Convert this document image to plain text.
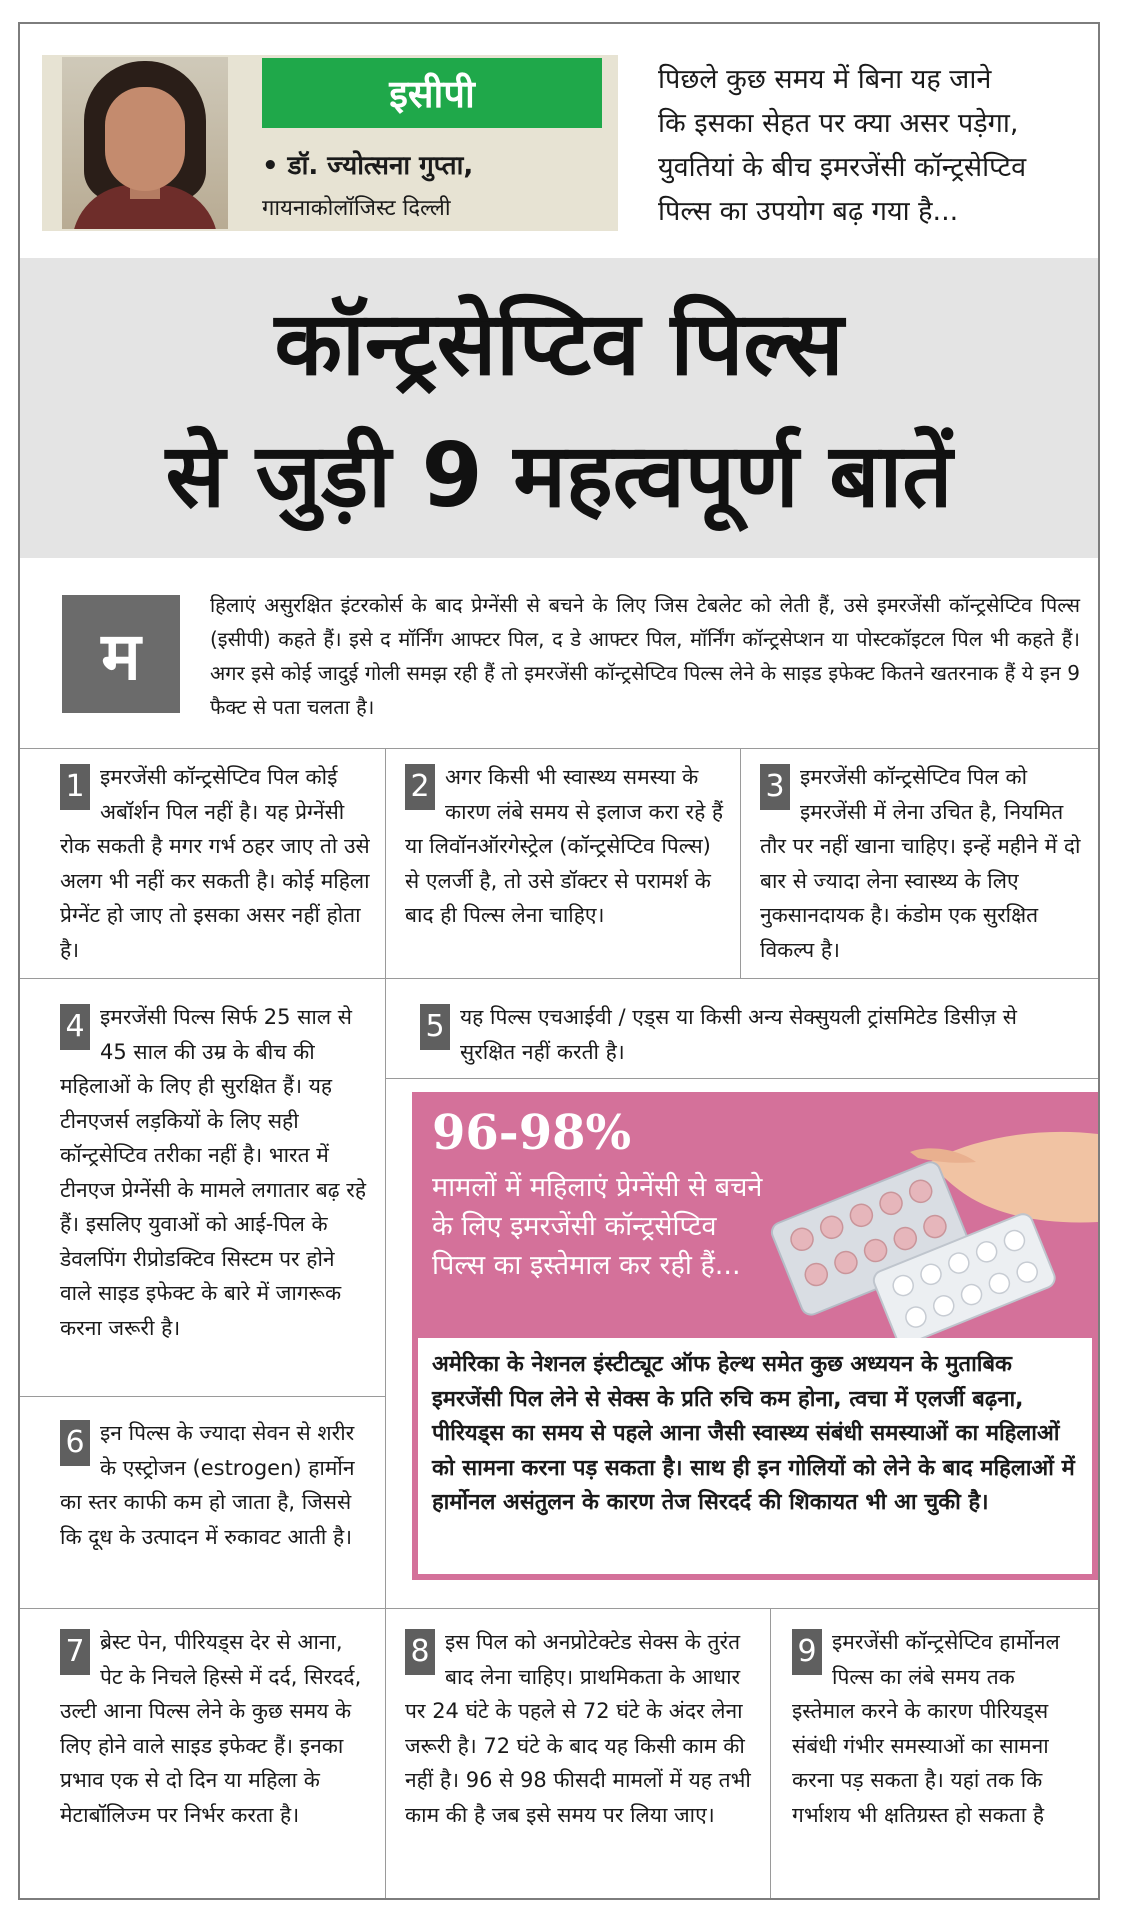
इसीपी
• डॉ. ज्योत्सना गुप्ता,
गायनाकोलॉजिस्ट दिल्ली
पिछले कुछ समय में बिना यह जाने
कि इसका सेहत पर क्या असर पड़ेगा,
युवतियां के बीच इमरजेंसी कॉन्ट्रसेप्टिव
पिल्स का उपयोग बढ़ गया है...
कॉन्ट्रसेप्टिव पिल्स
से जुड़ी 9 महत्वपूर्ण बातें
म
हिलाएं असुरक्षित इंटरकोर्स के बाद प्रेग्नेंसी से बचने के लिए जिस टेबलेट को लेती हैं, उसे इमरजेंसी कॉन्ट्रसेप्टिव पिल्स (इसीपी) कहते हैं। इसे द मॉर्निंग आफ्टर पिल, द डे आफ्टर पिल, मॉर्निंग कॉन्ट्रसेप्शन या पोस्टकॉइटल पिल भी कहते हैं। अगर इसे कोई जादुई गोली समझ रही हैं तो इमरजेंसी कॉन्ट्रसेप्टिव पिल्स लेने के साइड इफेक्ट कितने खतरनाक हैं ये इन 9 फैक्ट से पता चलता है।
1 इमरजेंसी कॉन्ट्रसेप्टिव पिल कोई अबॉर्शन पिल नहीं है। यह प्रेग्नेंसी रोक सकती है मगर गर्भ ठहर जाए तो उसे अलग भी नहीं कर सकती है। कोई महिला प्रेग्नेंट हो जाए तो इसका असर नहीं होता है।
2 अगर किसी भी स्वास्थ्य समस्या के कारण लंबे समय से इलाज करा रहे हैं या लिवॉनऑरगेस्ट्रेल (कॉन्ट्रसेप्टिव पिल्स) से एलर्जी है, तो उसे डॉक्टर से परामर्श के बाद ही पिल्स लेना चाहिए।
3 इमरजेंसी कॉन्ट्रसेप्टिव पिल को इमरजेंसी में लेना उचित है, नियमित तौर पर नहीं खाना चाहिए। इन्हें महीने में दो बार से ज्यादा लेना स्वास्थ्य के लिए नुकसानदायक है। कंडोम एक सुरक्षित विकल्प है।
4 इमरजेंसी पिल्स सिर्फ 25 साल से 45 साल की उम्र के बीच की महिलाओं के लिए ही सुरक्षित हैं। यह टीनएजर्स लड़कियों के लिए सही कॉन्ट्रसेप्टिव तरीका नहीं है। भारत में टीनएज प्रेग्नेंसी के मामले लगातार बढ़ रहे हैं। इसलिए युवाओं को आई-पिल के डेवलपिंग रीप्रोडक्टिव सिस्टम पर होने वाले साइड इफेक्ट के बारे में जागरूक करना जरूरी है।
5 यह पिल्स एचआईवी / एड्स या किसी अन्य सेक्सुयली ट्रांसमिटेड डिसीज़ से सुरक्षित नहीं करती है।
6 इन पिल्स के ज्यादा सेवन से शरीर के एस्ट्रोजन (estrogen) हार्मोन का स्तर काफी कम हो जाता है, जिससे कि दूध के उत्पादन में रुकावट आती है।
96-98%
मामलों में महिलाएं प्रेग्नेंसी से बचने के लिए इमरजेंसी कॉन्ट्रसेप्टिव पिल्स का इस्तेमाल कर रही हैं...
अमेरिका के नेशनल इंस्टीट्यूट ऑफ हेल्थ समेत कुछ अध्ययन के मुताबिक इमरजेंसी पिल लेने से सेक्स के प्रति रुचि कम होना, त्वचा में एलर्जी बढ़ना, पीरियड्स का समय से पहले आना जैसी स्वास्थ्य संबंधी समस्याओं का महिलाओं को सामना करना पड़ सकता है। साथ ही इन गोलियों को लेने के बाद महिलाओं में हार्मोनल असंतुलन के कारण तेज सिरदर्द की शिकायत भी आ चुकी है।
7 ब्रेस्ट पेन, पीरियड्स देर से आना, पेट के निचले हिस्से में दर्द, सिरदर्द, उल्टी आना पिल्स लेने के कुछ समय के लिए होने वाले साइड इफेक्ट हैं। इनका प्रभाव एक से दो दिन या महिला के मेटाबॉलिज्म पर निर्भर करता है।
8 इस पिल को अनप्रोटेक्टेड सेक्स के तुरंत बाद लेना चाहिए। प्राथमिकता के आधार पर 24 घंटे के पहले से 72 घंटे के अंदर लेना जरूरी है। 72 घंटे के बाद यह किसी काम की नहीं है। 96 से 98 फीसदी मामलों में यह तभी काम की है जब इसे समय पर लिया जाए।
9 इमरजेंसी कॉन्ट्रसेप्टिव हार्मोनल पिल्स का लंबे समय तक इस्तेमाल करने के कारण पीरियड्स संबंधी गंभीर समस्याओं का सामना करना पड़ सकता है। यहां तक कि गर्भाशय भी क्षतिग्रस्त हो सकता है
